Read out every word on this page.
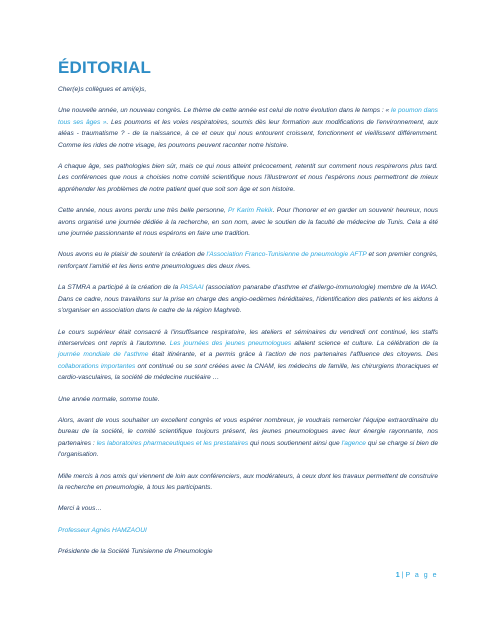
ÉDITORIAL

Cher(e)s collègues et ami(e)s,

Une nouvelle année, un nouveau congrès. Le thème de cette année est celui de notre évolution dans le temps : « le poumon dans tous ses âges ». Les poumons et les voies respiratoires, soumis dès leur formation aux modifications de l'environnement, aux aléas - traumatisme ? - de la naissance, à ce et ceux qui nous entourent croissent, fonctionnent et vieillissent différemment. Comme les rides de notre visage, les poumons peuvent raconter notre histoire.

A chaque âge, ses pathologies bien sûr, mais ce qui nous atteint précocement, retentit sur comment nous respirerons plus tard. Les conférences que nous a choisies notre comité scientifique nous l'illustreront et nous l'espérons nous permettront de mieux appréhender les problèmes de notre patient quel que soit son âge et son histoire.

Cette année, nous avons perdu une très belle personne, Pr Karim Rekik. Pour l'honorer et en garder un souvenir heureux, nous avons organisé une journée dédiée à la recherche, en son nom, avec le soutien de la faculté de médecine de Tunis. Cela a été une journée passionnante et nous espérons en faire une tradition.

Nous avons eu le plaisir de soutenir la création de l'Association Franco-Tunisienne de pneumologie AFTP et son premier congrès, renforçant l'amitié et les liens entre pneumologues des deux rives.

La STMRA a participé à la création de la PASAAI (association panarabe d'asthme et d'allergo-immunologie) membre de la WAO. Dans ce cadre, nous travaillons sur la prise en charge des angio-oedèmes héréditaires, l'identification des patients et les aidons à s'organiser en association dans le cadre de la région Maghreb.

Le cours supérieur était consacré à l'insuffisance respiratoire, les ateliers et séminaires du vendredi ont continué, les staffs interservices ont repris à l'automne. Les journées des jeunes pneumologues allaient science et culture. La célébration de la journée mondiale de l'asthme était itinérante, et a permis grâce à l'action de nos partenaires l'affluence des citoyens. Des collaborations importantes ont continué ou se sont créées avec la CNAM, les médecins de famille, les chirurgiens thoraciques et cardio-vasculaires, la société de médecine nucléaire …

Une année normale, somme toute.

Alors, avant de vous souhaiter un excellent congrès et vous espérer nombreux, je voudrais remercier l'équipe extraordinaire du bureau de la société, le comité scientifique toujours présent, les jeunes pneumologues avec leur énergie rayonnante, nos partenaires : les laboratoires pharmaceutiques et les prestataires qui nous soutiennent ainsi que l'agence qui se charge si bien de l'organisation.

Mille mercis à nos amis qui viennent de loin aux conférenciers, aux modérateurs, à ceux dont les travaux permettent de construire la recherche en pneumologie, à tous les participants.

Merci à vous…

Professeur Agnès HAMZAOUI

Présidente de la Société Tunisienne de Pneumologie

1 | P a g e
